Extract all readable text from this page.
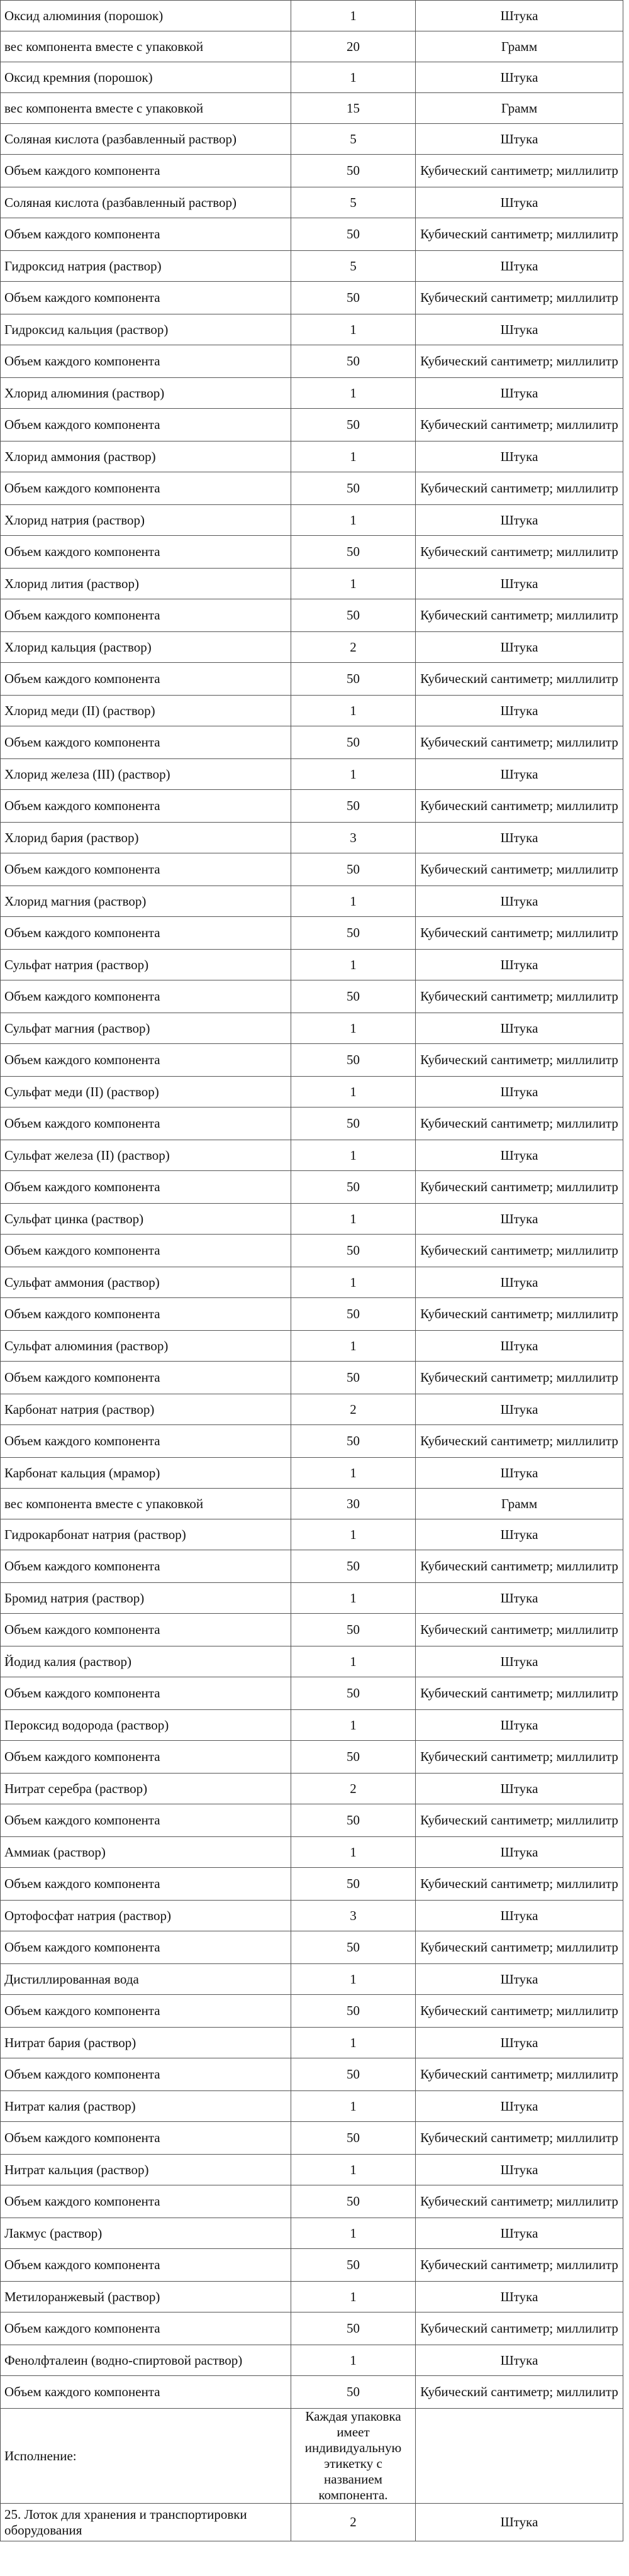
Оксид алюминия (порошок)	1	Штука
вес компонента вместе с упаковкой	20	Грамм
Оксид кремния (порошок)	1	Штука
вес компонента вместе с упаковкой	15	Грамм
Соляная кислота (разбавленный раствор)	5	Штука
Объем каждого компонента	50	Кубический сантиметр; миллилитр
Соляная кислота (разбавленный раствор)	5	Штука
Объем каждого компонента	50	Кубический сантиметр; миллилитр
Гидроксид натрия (раствор)	5	Штука
Объем каждого компонента	50	Кубический сантиметр; миллилитр
Гидроксид кальция (раствор)	1	Штука
Объем каждого компонента	50	Кубический сантиметр; миллилитр
Хлорид алюминия (раствор)	1	Штука
Объем каждого компонента	50	Кубический сантиметр; миллилитр
Хлорид аммония (раствор)	1	Штука
Объем каждого компонента	50	Кубический сантиметр; миллилитр
Хлорид натрия (раствор)	1	Штука
Объем каждого компонента	50	Кубический сантиметр; миллилитр
Хлорид лития (раствор)	1	Штука
Объем каждого компонента	50	Кубический сантиметр; миллилитр
Хлорид кальция (раствор)	2	Штука
Объем каждого компонента	50	Кубический сантиметр; миллилитр
Хлорид меди (II) (раствор)	1	Штука
Объем каждого компонента	50	Кубический сантиметр; миллилитр
Хлорид железа (III) (раствор)	1	Штука
Объем каждого компонента	50	Кубический сантиметр; миллилитр
Хлорид бария (раствор)	3	Штука
Объем каждого компонента	50	Кубический сантиметр; миллилитр
Хлорид магния (раствор)	1	Штука
Объем каждого компонента	50	Кубический сантиметр; миллилитр
Сульфат натрия (раствор)	1	Штука
Объем каждого компонента	50	Кубический сантиметр; миллилитр
Сульфат магния (раствор)	1	Штука
Объем каждого компонента	50	Кубический сантиметр; миллилитр
Сульфат меди (II) (раствор)	1	Штука
Объем каждого компонента	50	Кубический сантиметр; миллилитр
Сульфат железа (II) (раствор)	1	Штука
Объем каждого компонента	50	Кубический сантиметр; миллилитр
Сульфат цинка (раствор)	1	Штука
Объем каждого компонента	50	Кубический сантиметр; миллилитр
Сульфат аммония (раствор)	1	Штука
Объем каждого компонента	50	Кубический сантиметр; миллилитр
Сульфат алюминия (раствор)	1	Штука
Объем каждого компонента	50	Кубический сантиметр; миллилитр
Карбонат натрия (раствор)	2	Штука
Объем каждого компонента	50	Кубический сантиметр; миллилитр
Карбонат кальция (мрамор)	1	Штука
вес компонента вместе с упаковкой	30	Грамм
Гидрокарбонат натрия (раствор)	1	Штука
Объем каждого компонента	50	Кубический сантиметр; миллилитр
Бромид натрия (раствор)	1	Штука
Объем каждого компонента	50	Кубический сантиметр; миллилитр
Йодид калия (раствор)	1	Штука
Объем каждого компонента	50	Кубический сантиметр; миллилитр
Пероксид водорода (раствор)	1	Штука
Объем каждого компонента	50	Кубический сантиметр; миллилитр
Нитрат серебра (раствор)	2	Штука
Объем каждого компонента	50	Кубический сантиметр; миллилитр
Аммиак (раствор)	1	Штука
Объем каждого компонента	50	Кубический сантиметр; миллилитр
Ортофосфат натрия (раствор)	3	Штука
Объем каждого компонента	50	Кубический сантиметр; миллилитр
Дистиллированная вода	1	Штука
Объем каждого компонента	50	Кубический сантиметр; миллилитр
Нитрат бария (раствор)	1	Штука
Объем каждого компонента	50	Кубический сантиметр; миллилитр
Нитрат калия (раствор)	1	Штука
Объем каждого компонента	50	Кубический сантиметр; миллилитр
Нитрат кальция (раствор)	1	Штука
Объем каждого компонента	50	Кубический сантиметр; миллилитр
Лакмус (раствор)	1	Штука
Объем каждого компонента	50	Кубический сантиметр; миллилитр
Метилоранжевый (раствор)	1	Штука
Объем каждого компонента	50	Кубический сантиметр; миллилитр
Фенолфталеин (водно-спиртовой раствор)	1	Штука
Объем каждого компонента	50	Кубический сантиметр; миллилитр
Исполнение:	Каждая упаковка имеет индивидуальную этикетку с названием компонента.	
25. Лоток для хранения и транспортировки оборудования	2	Штука
